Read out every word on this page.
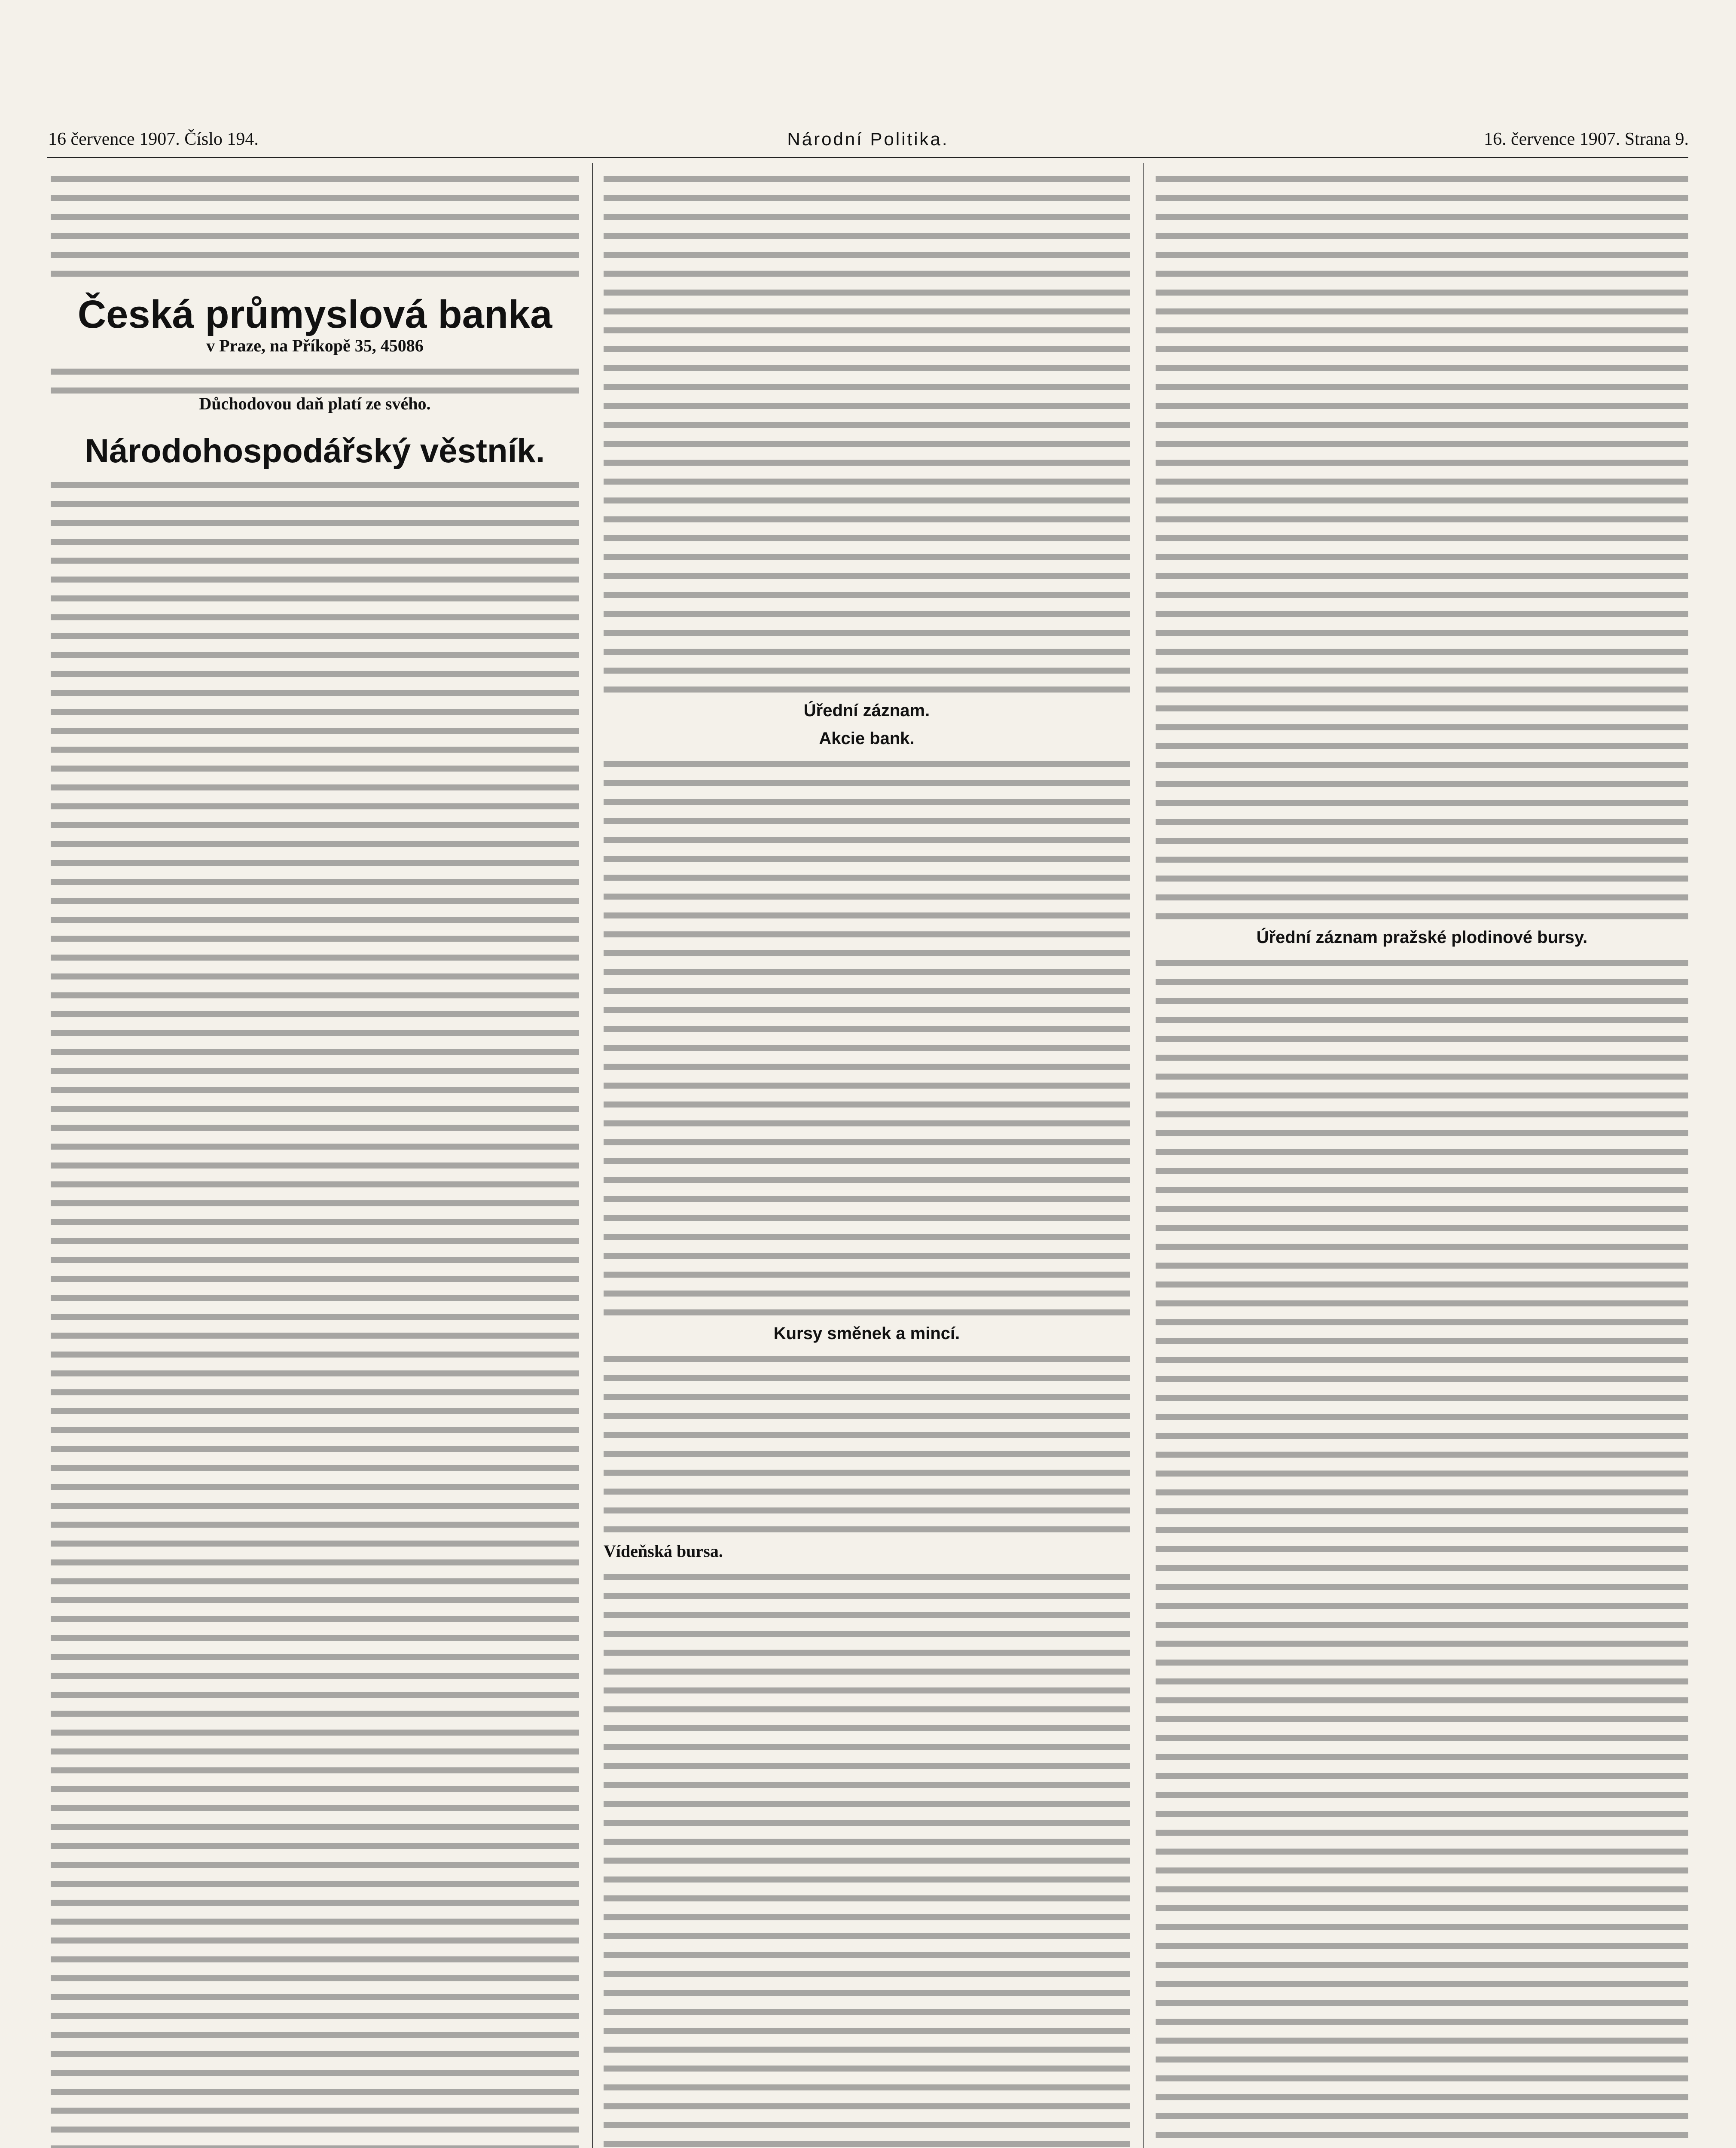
16 července 1907. Číslo 194.	Národní Politika.	16. července 1907. Strana 9.
Česká průmyslová banka
v Praze, na Příkopě 35, 45086
Důchodovou daň platí ze svého.
Národohospodářský věstník.
Úřední záznam.
Akcie bank.
Kursy směnek a mincí.
Vídeňská bursa.
Úřední záznam pražské plodinové bursy.
